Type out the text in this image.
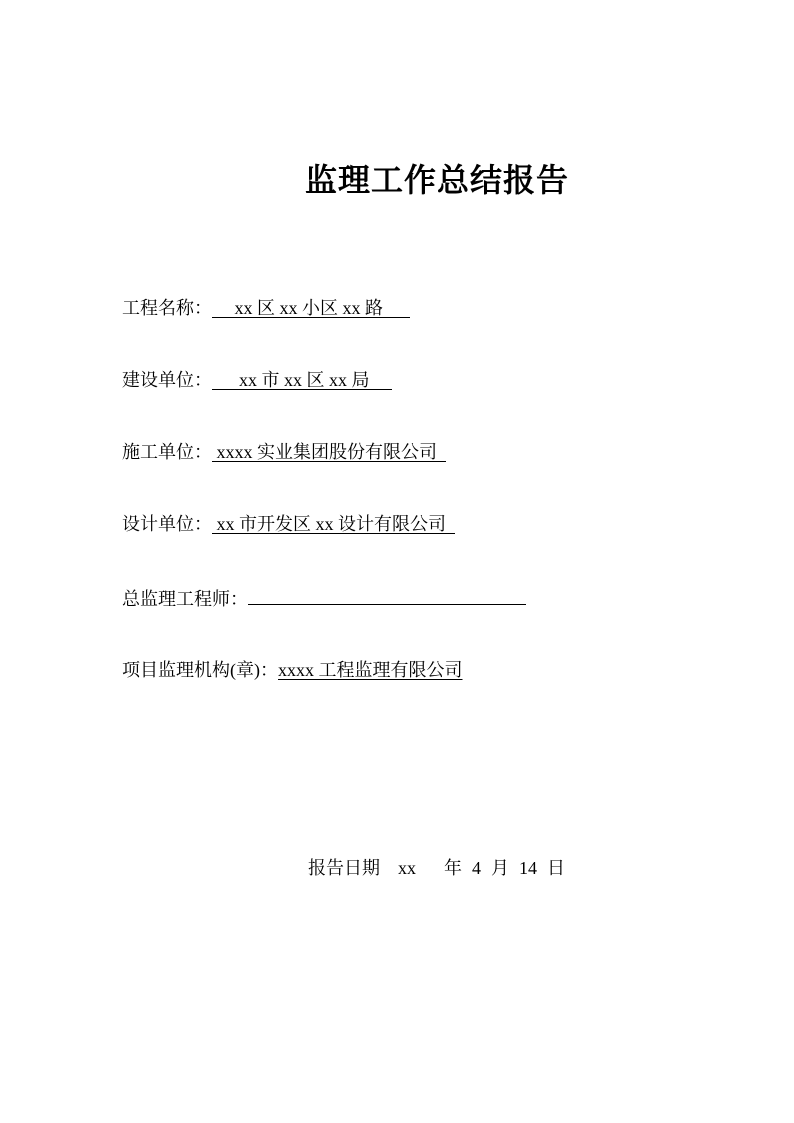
监理工作总结报告
工程名称：     xx 区 xx 小区 xx 路
建设单位：      xx 市 xx 区 xx 局
施工单位： xxxx 实业集团股份有限公司
设计单位： xx 市开发区 xx 设计有限公司
总监理工程师：
项目监理机构(章)：xxxx 工程监理有限公司
报告日期 xx 年 4 月 14 日
